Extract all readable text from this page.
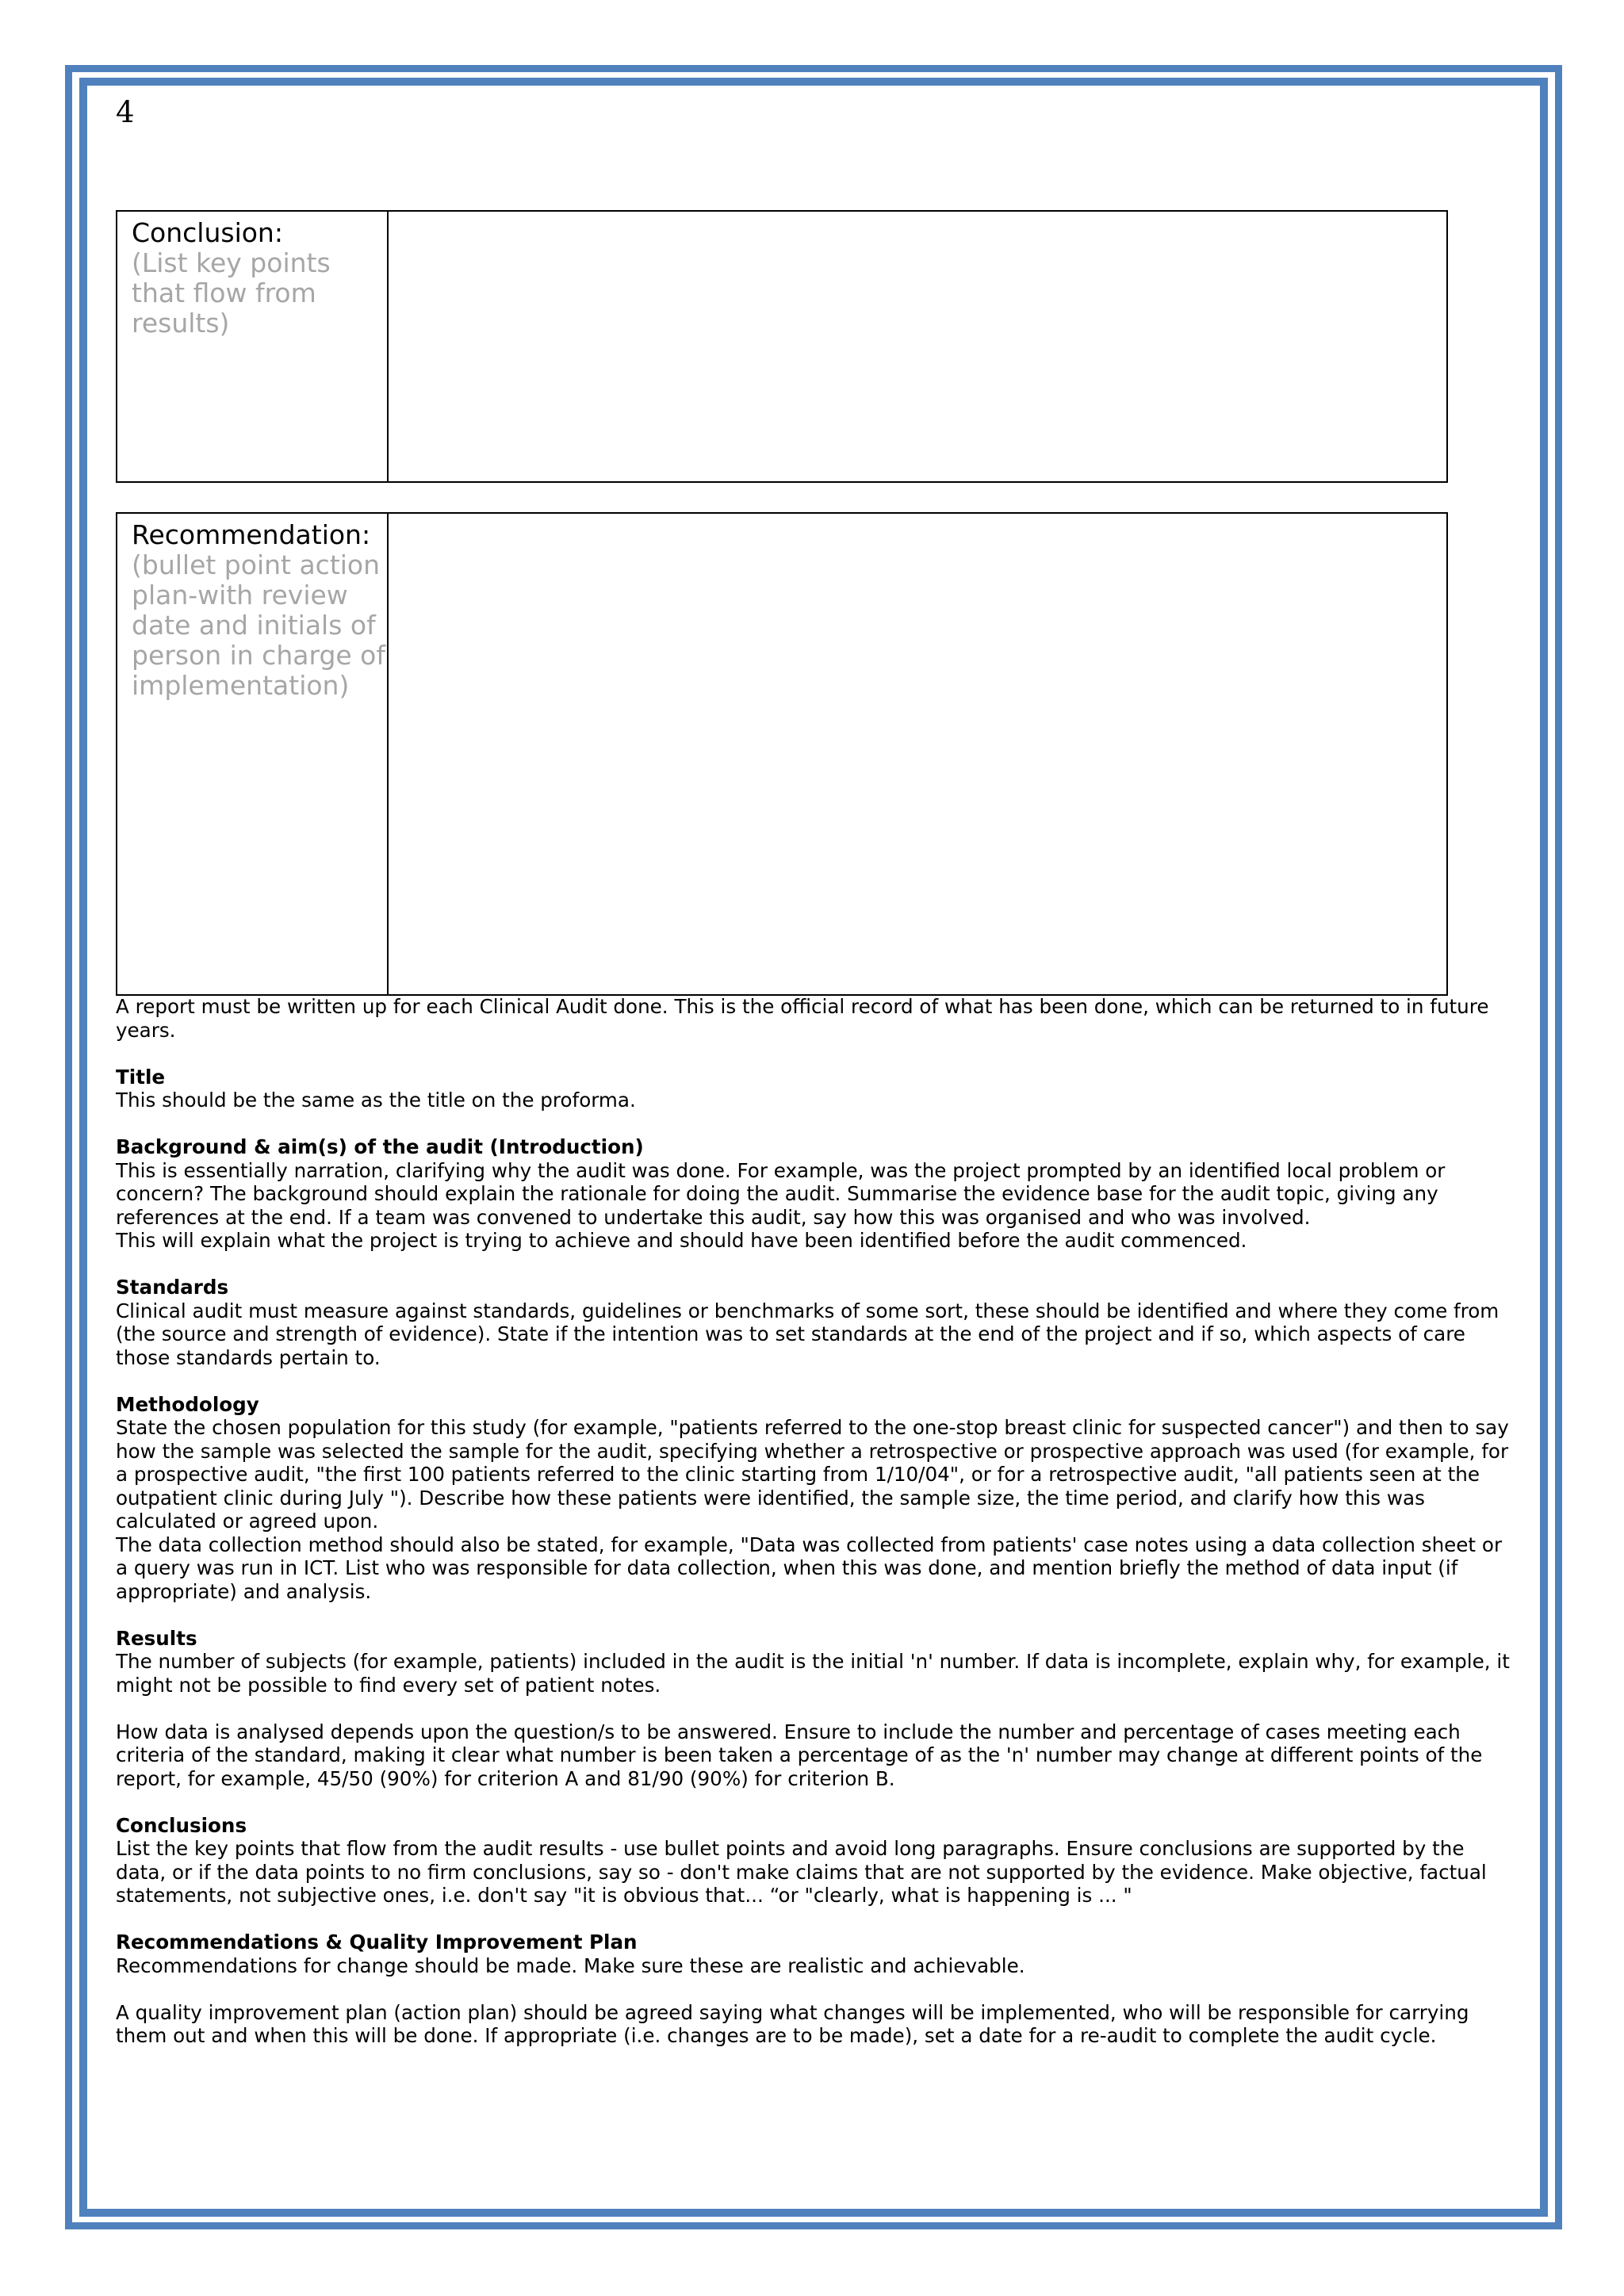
4
Conclusion:
(List key points that flow from results)
Recommendation:
(bullet point action plan-with review date and initials of person in charge of implementation)

A report must be written up for each Clinical Audit done. This is the official record of what has been done, which can be returned to in future years.

Title

This should be the same as the title on the proforma.

Background & aim(s) of the audit (Introduction)

This is essentially narration, clarifying why the audit was done. For example, was the project prompted by an identified local problem or concern? The background should explain the rationale for doing the audit. Summarise the evidence base for the audit topic, giving any references at the end. If a team was convened to undertake this audit, say how this was organised and who was involved.

This will explain what the project is trying to achieve and should have been identified before the audit commenced.

Standards

Clinical audit must measure against standards, guidelines or benchmarks of some sort, these should be identified and where they come from (the source and strength of evidence). State if the intention was to set standards at the end of the project and if so, which aspects of care those standards pertain to.

Methodology

State the chosen population for this study (for example, "patients referred to the one-stop breast clinic for suspected cancer") and then to say how the sample was selected the sample for the audit, specifying whether a retrospective or prospective approach was used (for example, for a prospective audit, "the first 100 patients referred to the clinic starting from 1/10/04", or for a retrospective audit, "all patients seen at the outpatient clinic during July "). Describe how these patients were identified, the sample size, the time period, and clarify how this was calculated or agreed upon.

The data collection method should also be stated, for example, "Data was collected from patients' case notes using a data collection sheet or a query was run in ICT. List who was responsible for data collection, when this was done, and mention briefly the method of data input (if appropriate) and analysis.

Results

The number of subjects (for example, patients) included in the audit is the initial 'n' number. If data is incomplete, explain why, for example, it might not be possible to find every set of patient notes.

How data is analysed depends upon the question/s to be answered. Ensure to include the number and percentage of cases meeting each criteria of the standard, making it clear what number is been taken a percentage of as the 'n' number may change at different points of the report, for example, 45/50 (90%) for criterion A and 81/90 (90%) for criterion B.

Conclusions

List the key points that flow from the audit results - use bullet points and avoid long paragraphs. Ensure conclusions are supported by the data, or if the data points to no firm conclusions, say so - don't make claims that are not supported by the evidence. Make objective, factual statements, not subjective ones, i.e. don't say "it is obvious that... “or "clearly, what is happening is ... "

Recommendations & Quality Improvement Plan

Recommendations for change should be made. Make sure these are realistic and achievable.

A quality improvement plan (action plan) should be agreed saying what changes will be implemented, who will be responsible for carrying them out and when this will be done. If appropriate (i.e. changes are to be made), set a date for a re-audit to complete the audit cycle.
